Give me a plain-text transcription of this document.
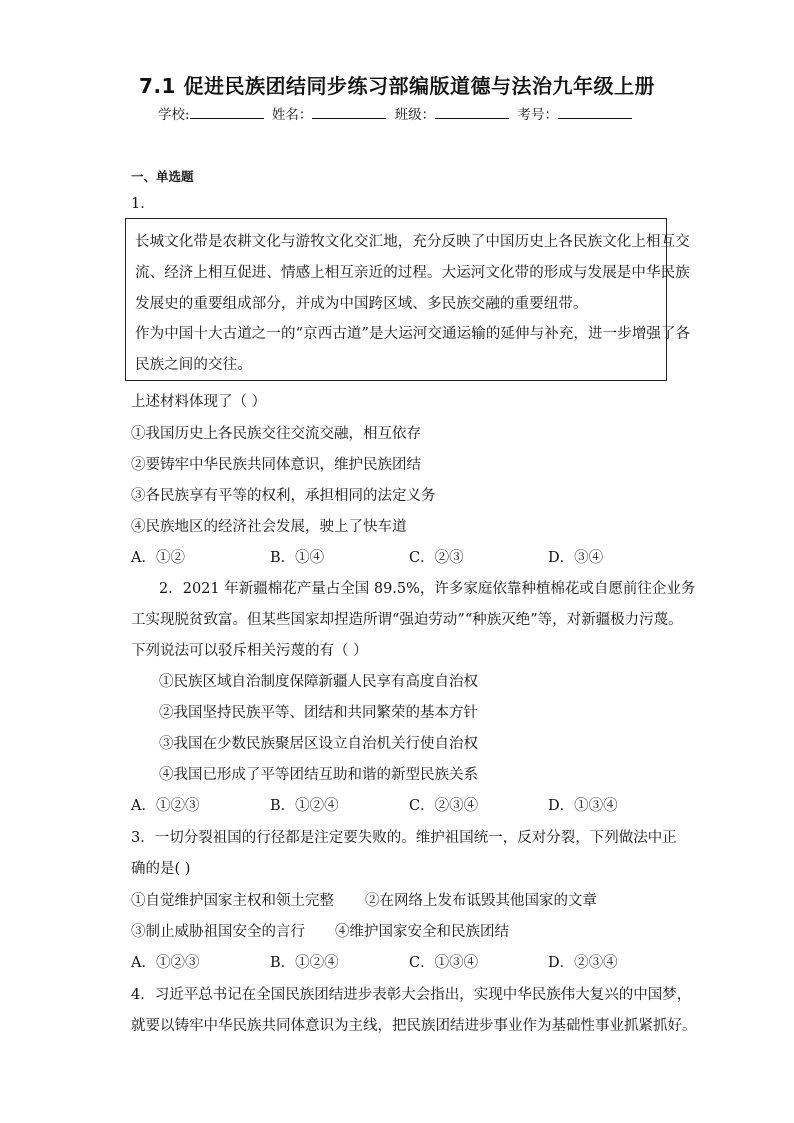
7.1 促进民族团结同步练习部编版道德与法治九年级上册
学校:	姓名：	班级：	考号：
一、单选题
1．
长城文化带是农耕文化与游牧文化交汇地，充分反映了中国历史上各民族文化上相互交
流、经济上相互促进、情感上相互亲近的过程。大运河文化带的形成与发展是中华民族
发展史的重要组成部分，并成为中国跨区域、多民族交融的重要纽带。
作为中国十大古道之一的“京西古道”是大运河交通运输的延伸与补充，进一步增强了各
民族之间的交往。
上述材料体现了（ ）
①我国历史上各民族交往交流交融，相互依存
②要铸牢中华民族共同体意识，维护民族团结
③各民族享有平等的权利，承担相同的法定义务
④民族地区的经济社会发展，驶上了快车道
A．①②	B．①④	C．②③	D．③④
2．2021 年新疆棉花产量占全国 89.5%，许多家庭依靠种植棉花或自愿前往企业务
工实现脱贫致富。但某些国家却捏造所谓“强迫劳动”“种族灭绝”等，对新疆极力污蔑。
下列说法可以驳斥相关污蔑的有（ ）
①民族区域自治制度保障新疆人民享有高度自治权
②我国坚持民族平等、团结和共同繁荣的基本方针
③我国在少数民族聚居区设立自治机关行使自治权
④我国已形成了平等团结互助和谐的新型民族关系
A．①②③	B．①②④	C．②③④	D．①③④
3．一切分裂祖国的行径都是注定要失败的。维护祖国统一，反对分裂，下列做法中正
确的是( )
①自觉维护国家主权和领土完整 ②在网络上发布诋毁其他国家的文章
③制止威胁祖国安全的言行 ④维护国家安全和民族团结
A．①②③	B．①②④	C．①③④	D．②③④
4．习近平总书记在全国民族团结进步表彰大会指出，实现中华民族伟大复兴的中国梦，
就要以铸牢中华民族共同体意识为主线，把民族团结进步事业作为基础性事业抓紧抓好。
